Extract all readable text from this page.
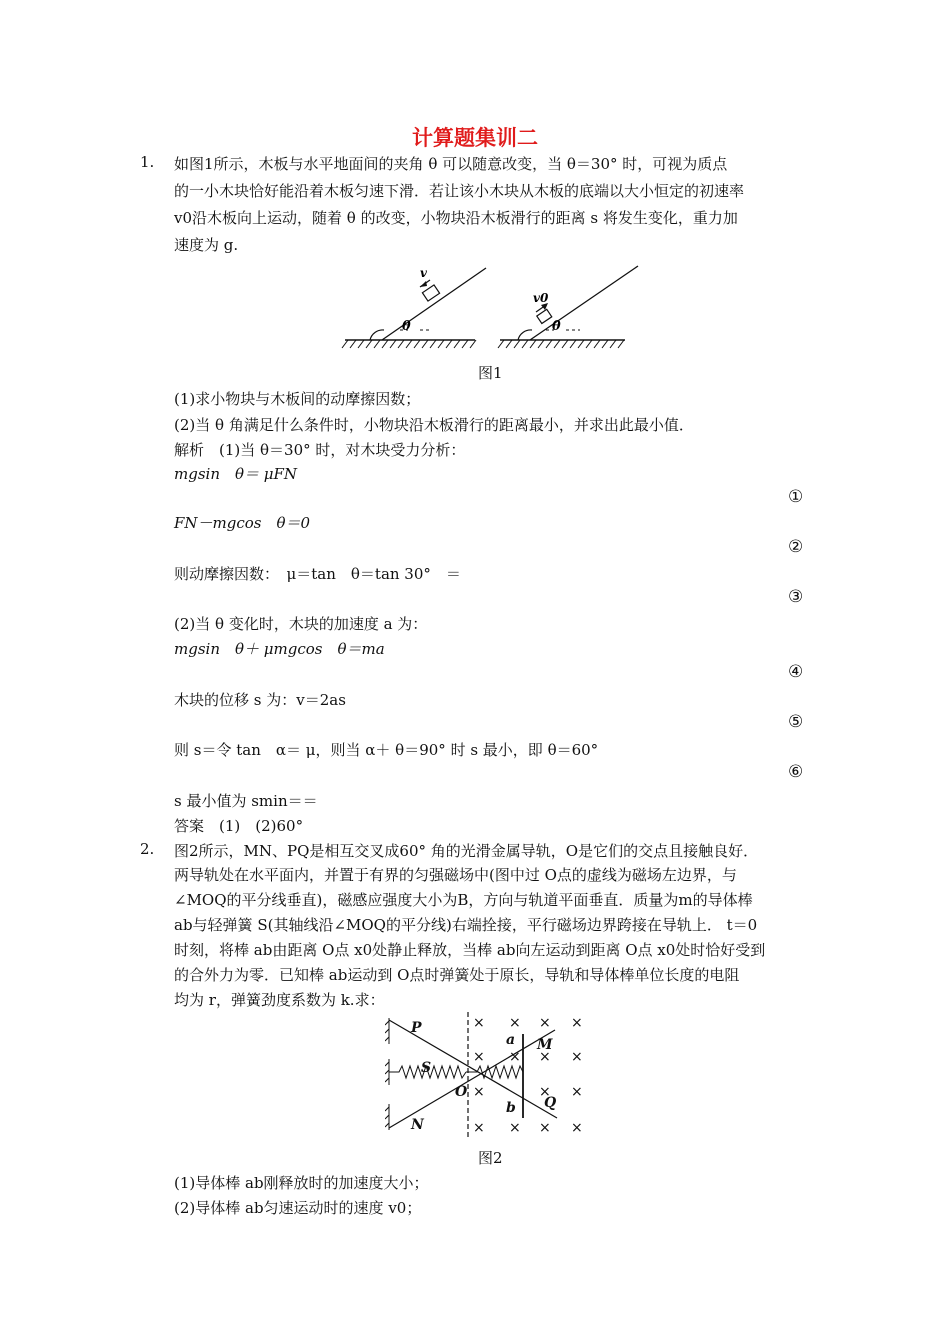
计算题集训二
1. 如图1所示，木板与水平地面间的夹角 θ 可以随意改变，当 θ＝30° 时，可视为质点
的一小木块恰好能沿着木板匀速下滑．若让该小木块从木板的底端以大小恒定的初速率
v0沿木板向上运动，随着 θ 的改变，小物块沿木板滑行的距离 s 将发生变化，重力加
速度为 g.
v
θ
v0
θ
图1
(1)求小物块与木板间的动摩擦因数；
(2)当 θ 角满足什么条件时，小物块沿木板滑行的距离最小，并求出此最小值．
解析　(1)当 θ＝30° 时，对木块受力分析：
mgsin　θ＝ μFN
①
FN－mgcos　θ＝0
②
则动摩擦因数：　μ＝tan　θ＝tan 30°　＝
③
(2)当 θ 变化时，木块的加速度 a 为：
mgsin　θ＋ μmgcos　θ＝ma
④
木块的位移 s 为：v＝2as
⑤
则 s＝令 tan　α＝ μ，则当 α＋ θ＝90° 时 s 最小，即 θ＝60°
⑥
s 最小值为 smin＝＝
答案　(1)　(2)60°
2. 图2所示，MN、PQ是相互交叉成60° 角的光滑金属导轨，O是它们的交点且接触良好．
两导轨处在水平面内，并置于有界的匀强磁场中(图中过 O点的虚线为磁场左边界，与
∠MOQ的平分线垂直)，磁感应强度大小为B，方向与轨道平面垂直．质量为m的导体棒
ab与轻弹簧 S(其轴线沿∠MOQ的平分线)右端拴接，平行磁场边界跨接在导轨上． t＝0
时刻，将棒 ab由距离 O点 x0处静止释放，当棒 ab向左运动到距离 O点 x0处时恰好受到
的合外力为零．已知棒 ab运动到 O点时弹簧处于原长，导轨和导体棒单位长度的电阻
均为 r，弹簧劲度系数为 k.求：
× × × ×
× × × ×
× ×
×
× × × ×
P
M
N
Q
S
O
a
b
图2
(1)导体棒 ab刚释放时的加速度大小；
(2)导体棒 ab匀速运动时的速度 v0；
